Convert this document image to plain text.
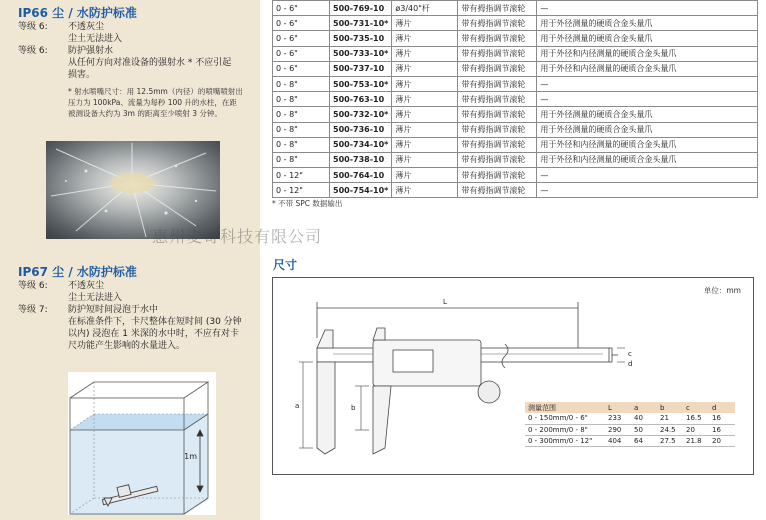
IP66 尘 / 水防护标准
等级 6:	不透灰尘
尘土无法进入
等级 6:	防护强射水
从任何方向对准设备的强射水 * 不应引起
损害。
* 射水喷嘴尺寸：用 12.5mm（内径）的喷嘴喷射出
压力为 100kPa、流量为每秒 100 升的水柱，在距
被测设备大约为 3m 的距离至少喷射 3 分钟。
IP67 尘 / 水防护标准
等级 6:	不透灰尘
尘土无法进入
等级 7:	防护短时间浸泡于水中
在标准条件下，卡尺整体在短时间 (30 分钟
以内) 浸泡在 1 米深的水中时，不应有对卡
尺功能产生影响的水量进入。
1m
惠州麦奇科技有限公司
0 - 6"	500-769-10	ø3/40"杆	带有拇指调节滚轮	—
0 - 6"	500-731-10*	薄片	带有拇指调节滚轮	用于外径测量的硬质合金头量爪
0 - 6"	500-735-10	薄片	带有拇指调节滚轮	用于外径测量的硬质合金头量爪
0 - 6"	500-733-10*	薄片	带有拇指调节滚轮	用于外径和内径测量的硬质合金头量爪
0 - 6"	500-737-10	薄片	带有拇指调节滚轮	用于外径和内径测量的硬质合金头量爪
0 - 8"	500-753-10*	薄片	带有拇指调节滚轮	—
0 - 8"	500-763-10	薄片	带有拇指调节滚轮	—
0 - 8"	500-732-10*	薄片	带有拇指调节滚轮	用于外径测量的硬质合金头量爪
0 - 8"	500-736-10	薄片	带有拇指调节滚轮	用于外径测量的硬质合金头量爪
0 - 8"	500-734-10*	薄片	带有拇指调节滚轮	用于外径和内径测量的硬质合金头量爪
0 - 8"	500-738-10	薄片	带有拇指调节滚轮	用于外径和内径测量的硬质合金头量爪
0 - 12"	500-764-10	薄片	带有拇指调节滚轮	—
0 - 12"	500-754-10*	薄片	带有拇指调节滚轮	—
* 不带 SPC 数据输出
尺寸
单位：mm
L
a	b
c
d
测量范围	L	a	b	c	d
0 - 150mm/0 - 6"	233	40	21	16.5	16
0 - 200mm/0 - 8"	290	50	24.5	20	16
0 - 300mm/0 - 12"	404	64	27.5	21.8	20
